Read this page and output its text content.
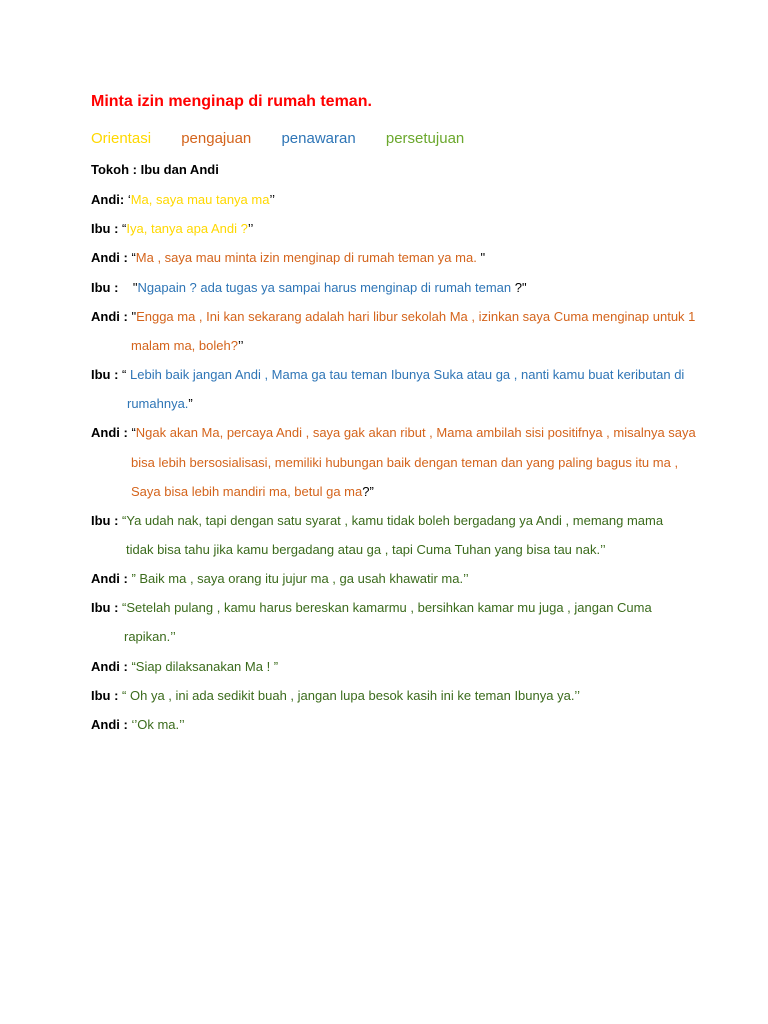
Minta izin menginap di rumah teman.
Orientasi pengajuan penawaran persetujuan
Tokoh : Ibu dan Andi
Andi: ‘Ma, saya mau tanya ma’’
Ibu : “Iya, tanya apa Andi ?’’
Andi : “Ma , saya mau minta izin menginap di rumah teman ya ma. "
Ibu :    "Ngapain ? ada tugas ya sampai harus menginap di rumah teman ?"
Andi : "Engga ma , Ini kan sekarang adalah hari libur sekolah Ma , izinkan saya Cuma menginap untuk 1
malam ma, boleh?’’
Ibu : “ Lebih baik jangan Andi , Mama ga tau teman Ibunya Suka atau ga , nanti kamu buat keributan di
rumahnya.”
Andi : “Ngak akan Ma, percaya Andi , saya gak akan ribut , Mama ambilah sisi positifnya , misalnya saya
bisa lebih bersosialisasi, memiliki hubungan baik dengan teman dan yang paling bagus itu ma ,
Saya bisa lebih mandiri ma, betul ga ma?”
Ibu : “Ya udah nak, tapi dengan satu syarat , kamu tidak boleh bergadang ya Andi , memang mama
tidak bisa tahu jika kamu bergadang atau ga , tapi Cuma Tuhan yang bisa tau nak.’’
Andi : ” Baik ma , saya orang itu jujur ma , ga usah khawatir ma.’’
Ibu : “Setelah pulang , kamu harus bereskan kamarmu , bersihkan kamar mu juga , jangan Cuma
rapikan.’’
Andi : “Siap dilaksanakan Ma ! ”
Ibu : “ Oh ya , ini ada sedikit buah , jangan lupa besok kasih ini ke teman Ibunya ya.’’
Andi : ‘’Ok ma.’’
